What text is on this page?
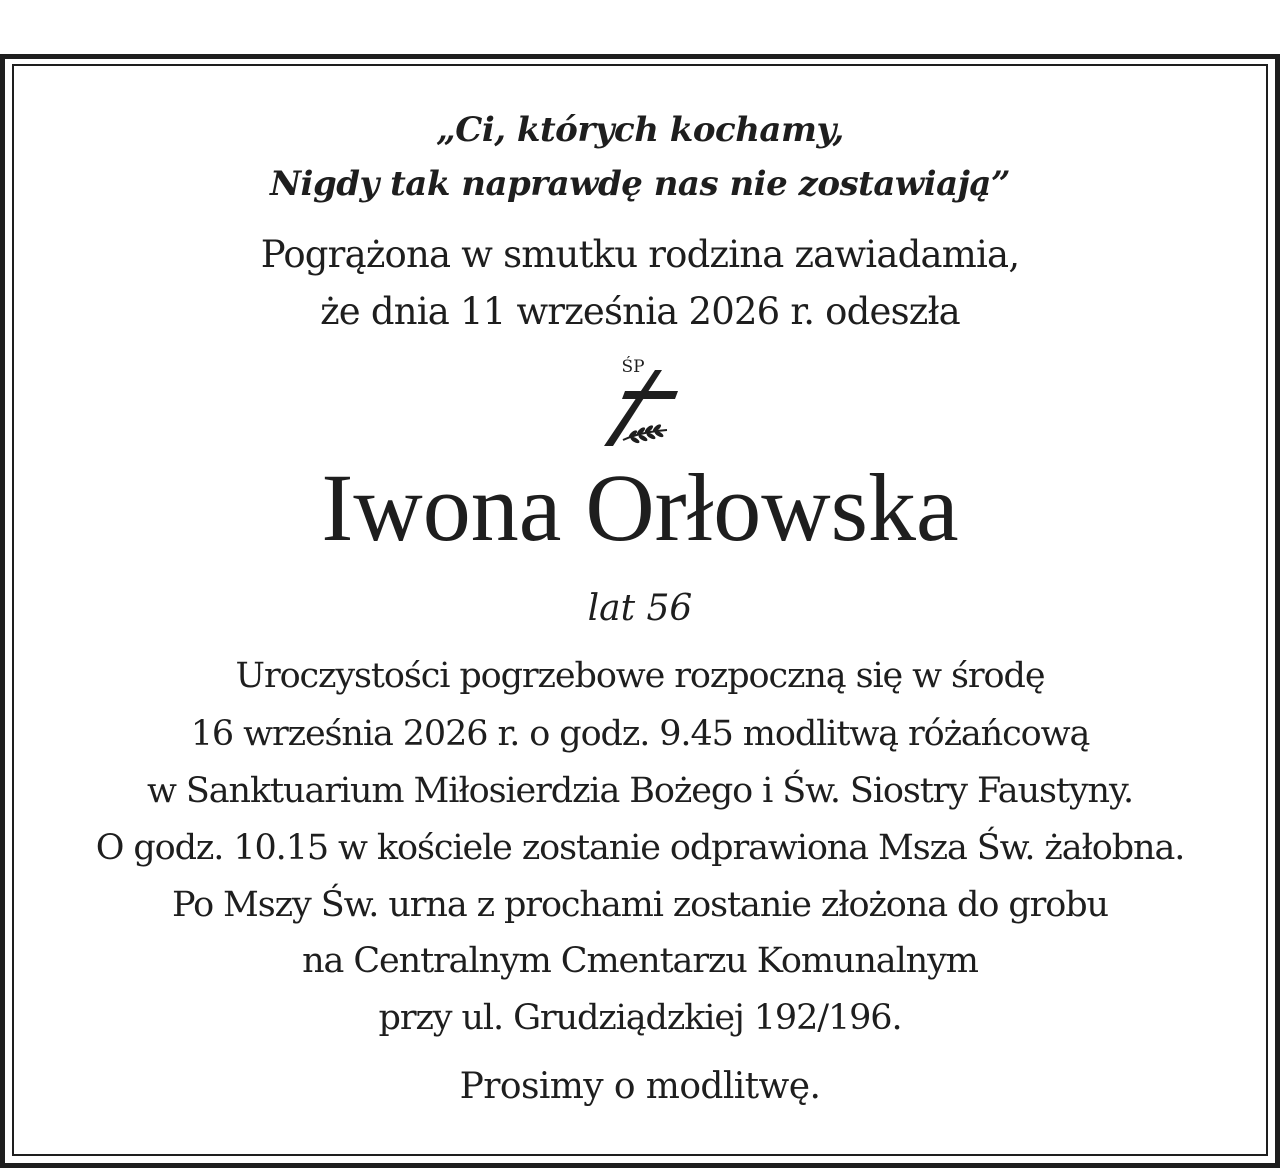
„Ci, których kochamy,
Nigdy tak naprawdę nas nie zostawiają”
Pogrążona w smutku rodzina zawiadamia,
że dnia 11 września 2026 r. odeszła
ŚP
Iwona Orłowska
lat 56
Uroczystości pogrzebowe rozpoczną się w środę
16 września 2026 r. o godz. 9.45 modlitwą różańcową
w Sanktuarium Miłosierdzia Bożego i Św. Siostry Faustyny.
O godz. 10.15 w kościele zostanie odprawiona Msza Św. żałobna.
Po Mszy Św. urna z prochami zostanie złożona do grobu
na Centralnym Cmentarzu Komunalnym
przy ul. Grudziądzkiej 192/196.
Prosimy o modlitwę.
